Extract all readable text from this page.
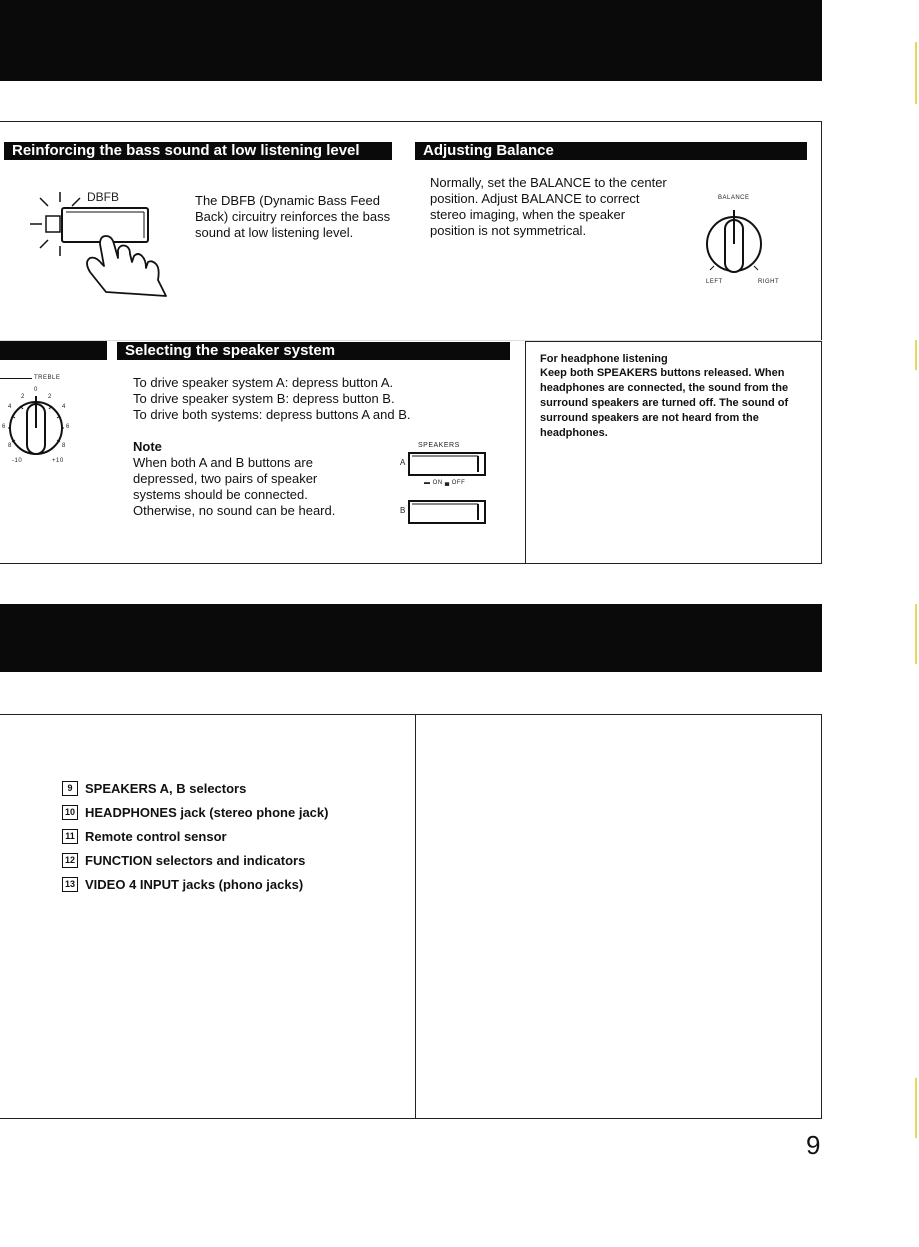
Reinforcing the bass sound at low listening level
DBFB	The DBFB (Dynamic Bass Feed Back) circuitry reinforces the bass sound at low listening level.
Adjusting Balance
Normally, set the BALANCE to the center position. Adjust BALANCE to correct stereo imaging, when the speaker position is not symmetrical.
BALANCE
LEFT	RIGHT
TREBLE
0
2	2
4	4
6	6
8	8
-10	+10
Selecting the speaker system
To drive speaker system A: depress button A.
To drive speaker system B: depress button B.
To drive both systems: depress buttons A and B.
Note
When both A and B buttons are
depressed, two pairs of speaker
systems should be connected.
Otherwise, no sound can be heard.
SPEAKERS
A
▬ ON ▄ OFF
B
For headphone listening
Keep both SPEAKERS buttons released. When headphones are connected, the sound from the surround speakers are turned off. The sound of surround speakers are not heard from the headphones.
9 SPEAKERS A, B selectors
10 HEADPHONES jack (stereo phone jack)
11 Remote control sensor
12 FUNCTION selectors and indicators
13 VIDEO 4 INPUT jacks (phono jacks)
9
